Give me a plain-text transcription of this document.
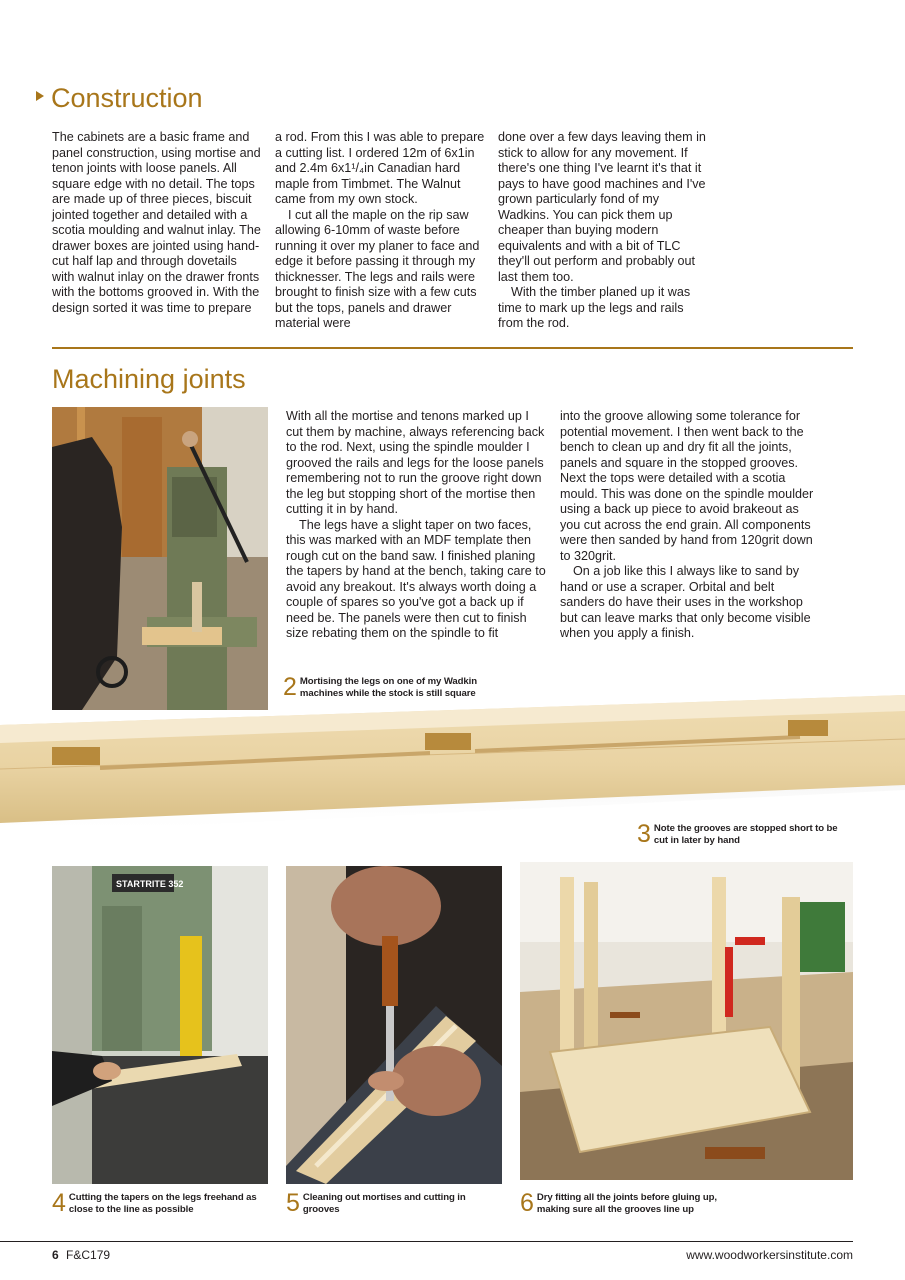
Construction

The cabinets are a basic frame and panel construction, using mortise and tenon joints with loose panels. All square edge with no detail. The tops are made up of three pieces, biscuit jointed together and detailed with a scotia moulding and walnut inlay. The drawer boxes are jointed using hand-cut half lap and through dovetails with walnut inlay on the drawer fronts with the bottoms grooved in. With the design sorted it was time to prepare

a rod. From this I was able to prepare a cutting list. I ordered 12m of 6x1in and 2.4m 6x1¹/₄in Canadian hard maple from Timbmet. The Walnut came from my own stock.

I cut all the maple on the rip saw allowing 6-10mm of waste before running it over my planer to face and edge it before passing it through my thicknesser. The legs and rails were brought to finish size with a few cuts but the tops, panels and drawer material were

done over a few days leaving them in stick to allow for any movement. If there's one thing I've learnt it's that it pays to have good machines and I've grown particularly fond of my Wadkins. You can pick them up cheaper than buying modern equivalents and with a bit of TLC they'll out perform and probably out last them too.

With the timber planed up it was time to mark up the legs and rails from the rod.

Machining joints

With all the mortise and tenons marked up I cut them by machine, always referencing back to the rod. Next, using the spindle moulder I grooved the rails and legs for the loose panels remembering not to run the groove right down the leg but stopping short of the mortise then cutting it in by hand.

The legs have a slight taper on two faces, this was marked with an MDF template then rough cut on the band saw. I finished planing the tapers by hand at the bench, taking care to avoid any breakout. It's always worth doing a couple of spares so you've got a back up if need be. The panels were then cut to finish size rebating them on the spindle to fit

into the groove allowing some tolerance for potential movement. I then went back to the bench to clean up and dry fit all the joints, panels and square in the stopped grooves. Next the tops were detailed with a scotia mould. This was done on the spindle moulder using a back up piece to avoid brakeout as you cut across the end grain. All components were then sanded by hand from 120grit down to 320grit.

On a job like this I always like to sand by hand or use a scraper. Orbital and belt sanders do have their uses in the workshop but can leave marks that only become visible when you apply a finish.

2 Mortising the legs on one of my Wadkin machines while the stock is still square
3 Note the grooves are stopped short to be cut in later by hand
STARTRITE 352
4 Cutting the tapers on the legs freehand as close to the line as possible	5 Cleaning out mortises and cutting in grooves	6 Dry fitting all the joints before gluing up, making sure all the grooves line up
6 F&C179	www.woodworkersinstitute.com
